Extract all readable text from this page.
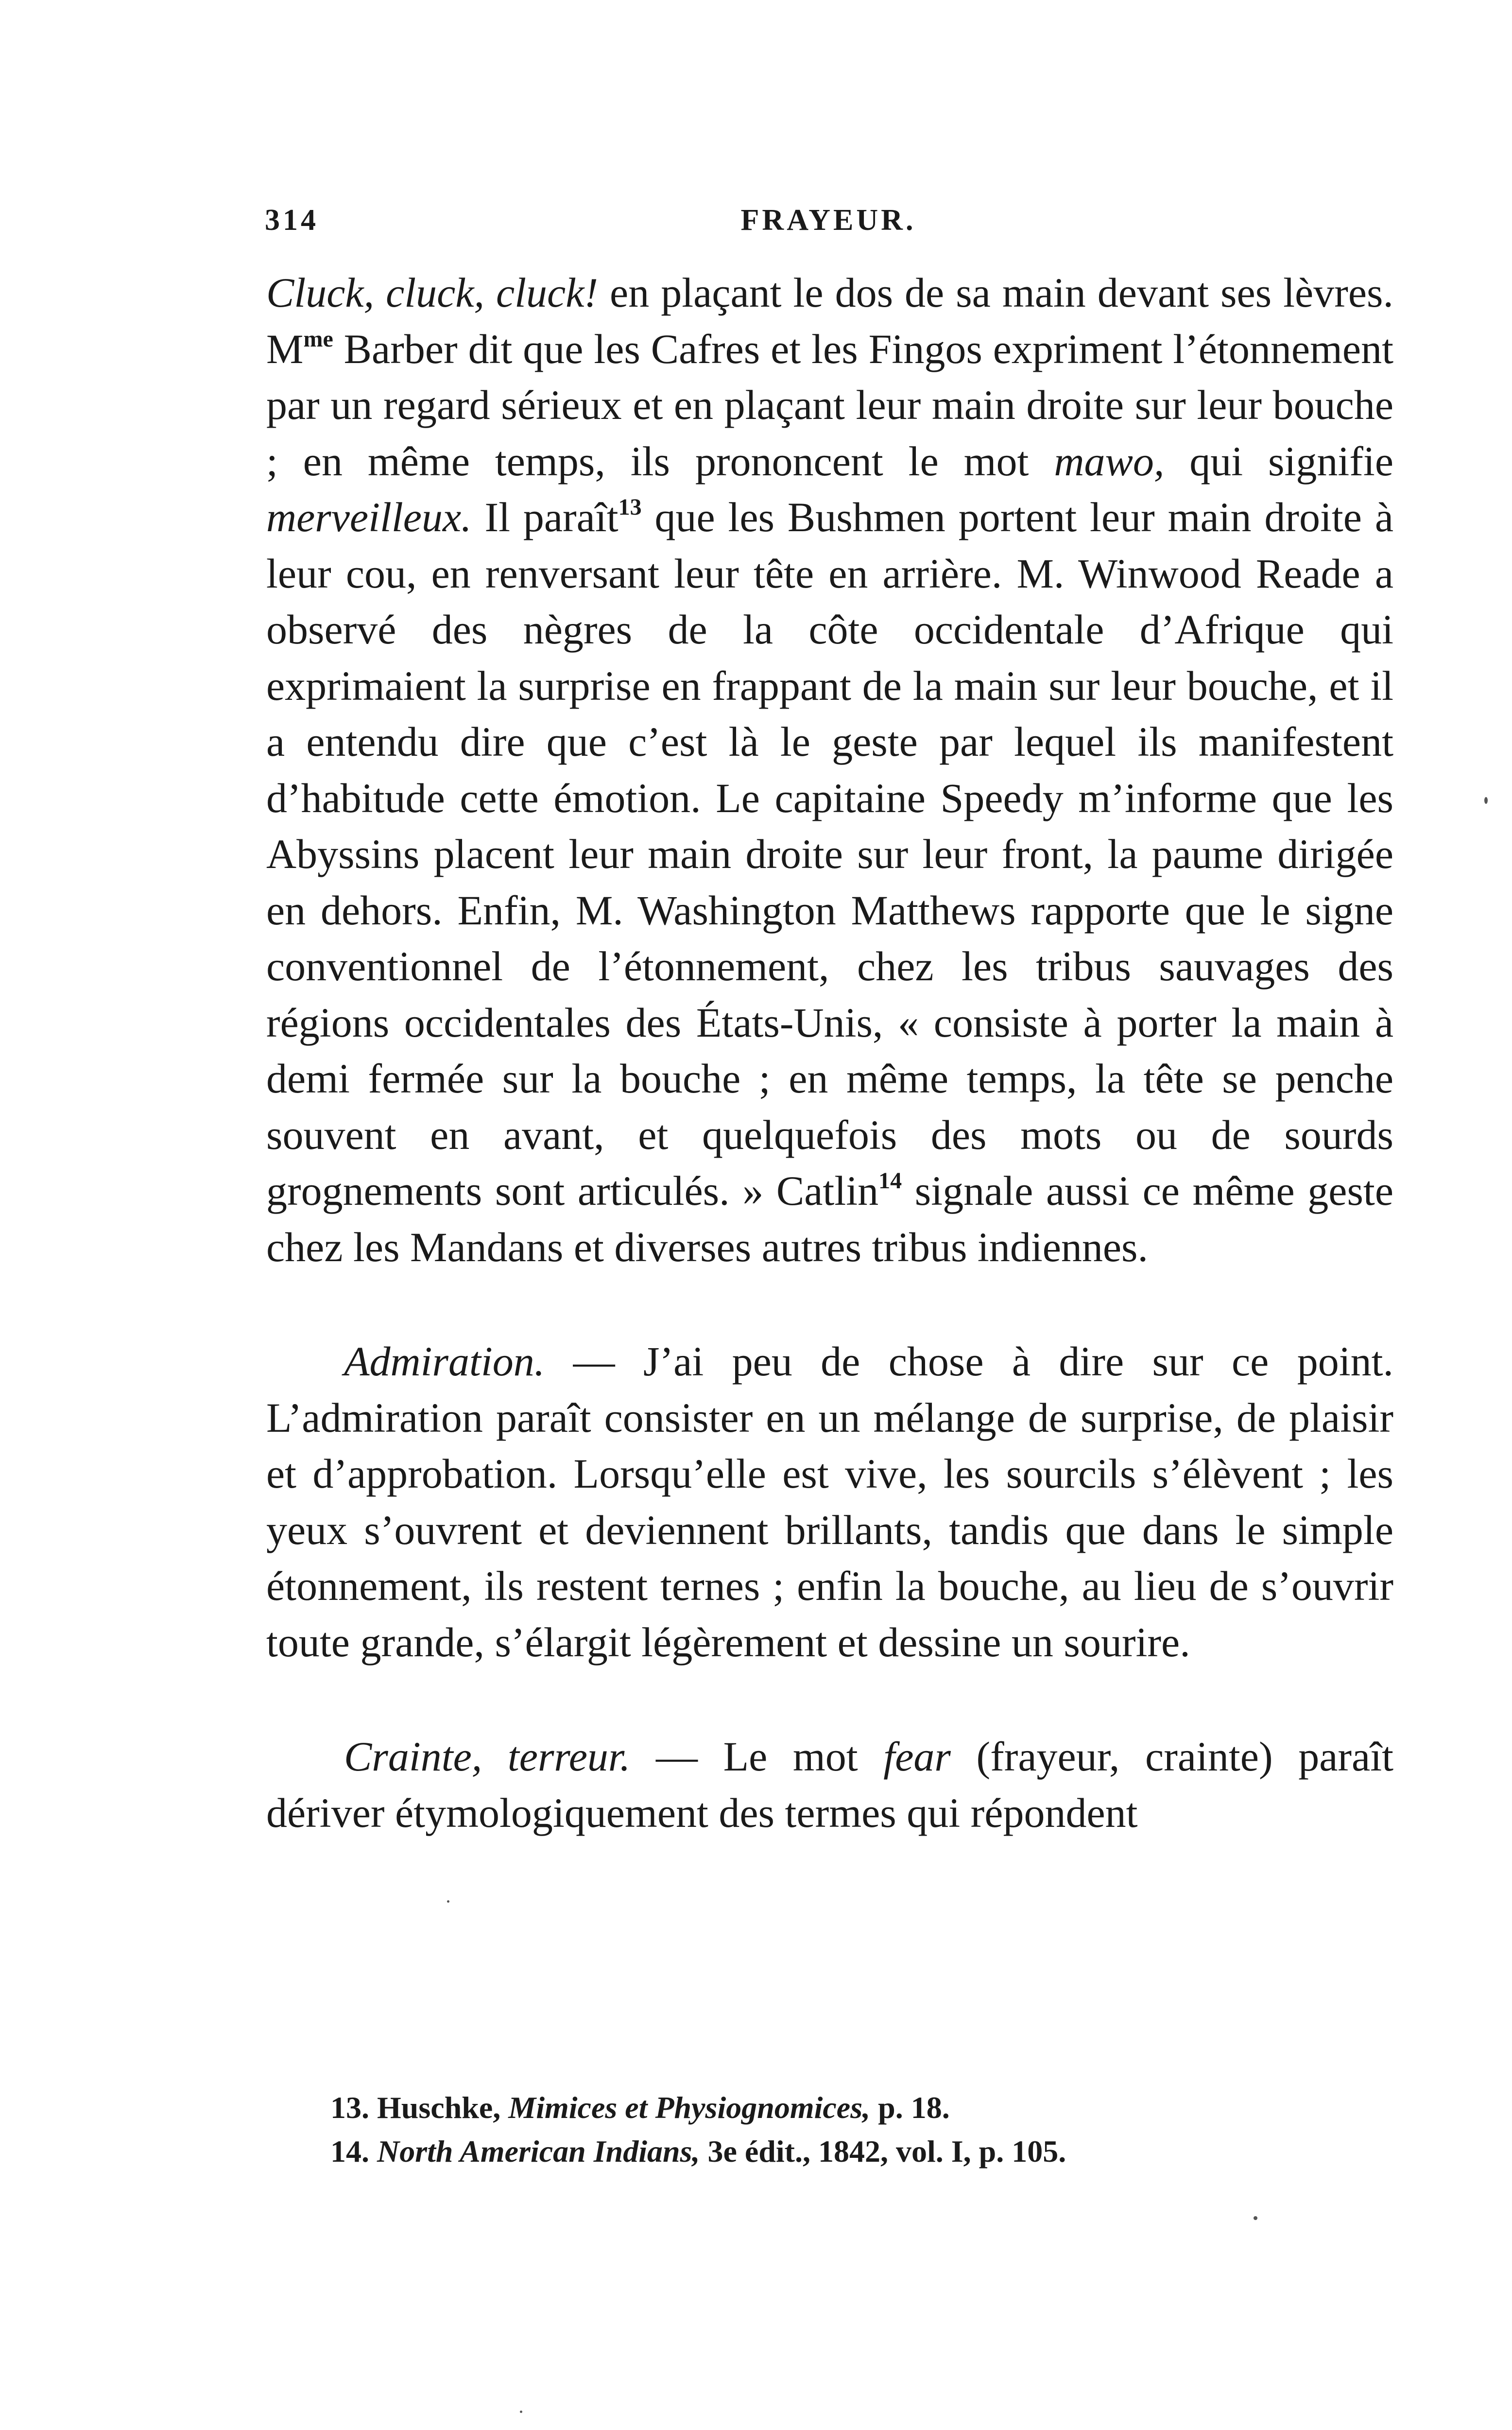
314	FRAYEUR.

Cluck, cluck, cluck! en plaçant le dos de sa main devant ses lèvres. $M^{me}$ Barber dit que les Cafres et les Fingos expriment l’étonnement par un regard sérieux et en plaçant leur main droite sur leur bouche ; en même temps, ils prononcent le mot mawo, qui signifie merveilleux. Il paraît$^{13}$ que les Bushmen portent leur main droite à leur cou, en renversant leur tête en arrière. M. Winwood Reade a observé des nègres de la côte occidentale d’Afrique qui exprimaient la surprise en frappant de la main sur leur bouche, et il a entendu dire que c’est là le geste par lequel ils manifestent d’habitude cette émotion. Le capitaine Speedy m’informe que les Abyssins placent leur main droite sur leur front, la paume dirigée en dehors. Enfin, M. Washington Matthews rapporte que le signe conventionnel de l’étonnement, chez les tribus sauvages des régions occidentales des États-Unis, « consiste à porter la main à demi fermée sur la bouche ; en même temps, la tête se penche souvent en avant, et quelquefois des mots ou de sourds grognements sont articulés. » Catlin$^{14}$ signale aussi ce même geste chez les Mandans et diverses autres tribus indiennes.

Admiration. — J’ai peu de chose à dire sur ce point. L’admiration paraît consister en un mélange de surprise, de plaisir et d’approbation. Lorsqu’elle est vive, les sourcils s’élèvent ; les yeux s’ouvrent et deviennent brillants, tandis que dans le simple étonnement, ils restent ternes ; enfin la bouche, au lieu de s’ouvrir toute grande, s’élargit légèrement et dessine un sourire.

Crainte, terreur. — Le mot fear (frayeur, crainte) paraît dériver étymologiquement des termes qui répondent

13. Huschke, Mimices et Physiognomices, p. 18.

14. North American Indians, 3e édit., 1842, vol. I, p. 105.
